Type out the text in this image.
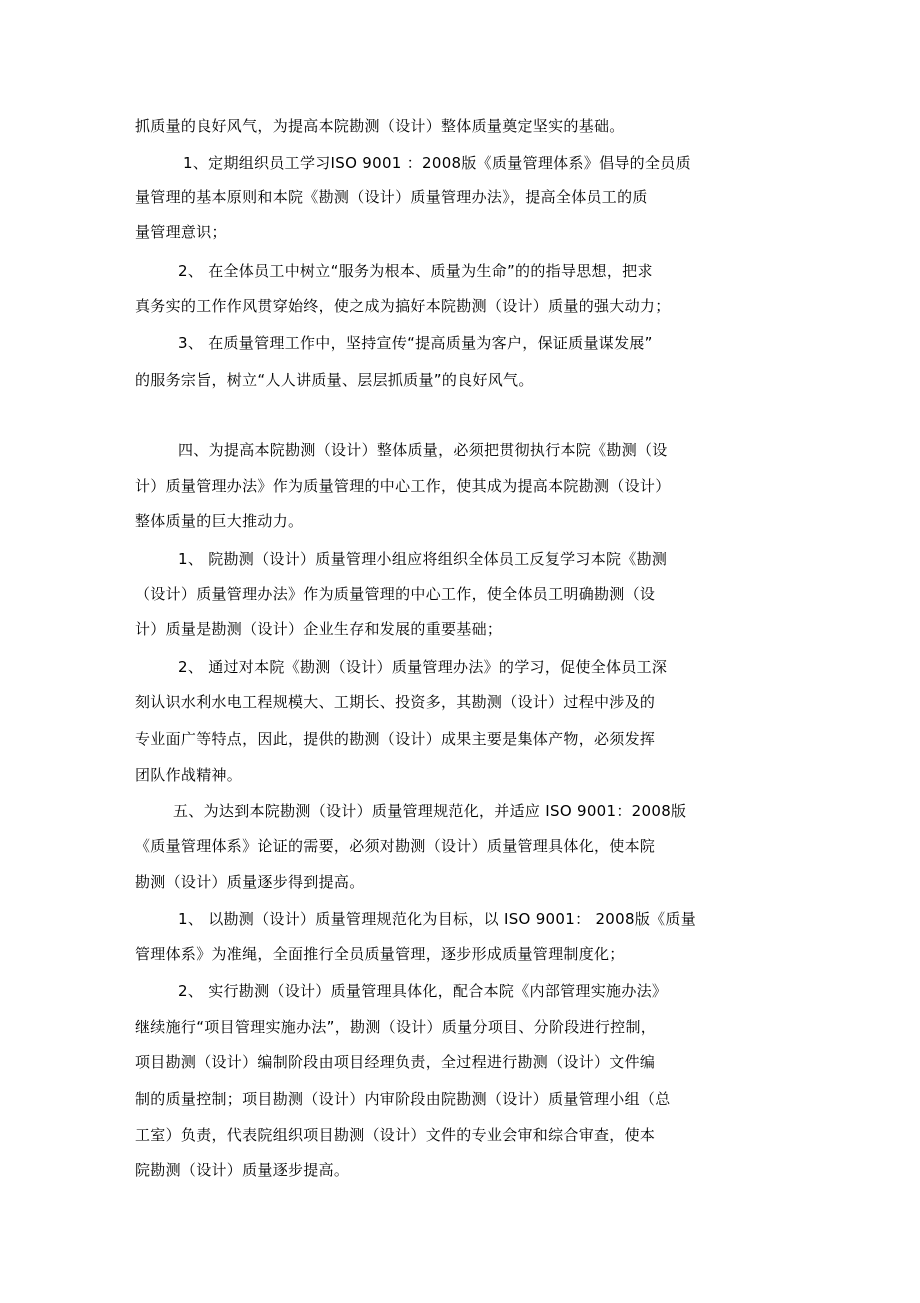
抓质量的良好风气，为提高本院勘测（设计）整体质量奠定坚实的基础。
1、定期组织员工学习ISO 9001 ：2008版《质量管理体系》倡导的全员质
量管理的基本原则和本院《勘测（设计）质量管理办法》，提高全体员工的质
量管理意识；
2、 在全体员工中树立“服务为根本、质量为生命”的的指导思想，把求
真务实的工作作风贯穿始终，使之成为搞好本院勘测（设计）质量的强大动力；
3、 在质量管理工作中，坚持宣传“提高质量为客户，保证质量谋发展”
的服务宗旨，树立“人人讲质量、层层抓质量”的良好风气。
四、为提高本院勘测（设计）整体质量，必须把贯彻执行本院《勘测（设
计）质量管理办法》作为质量管理的中心工作，使其成为提高本院勘测（设计）
整体质量的巨大推动力。
1、 院勘测（设计）质量管理小组应将组织全体员工反复学习本院《勘测
（设计）质量管理办法》作为质量管理的中心工作，使全体员工明确勘测（设
计）质量是勘测（设计）企业生存和发展的重要基础；
2、 通过对本院《勘测（设计）质量管理办法》的学习，促使全体员工深
刻认识水利水电工程规模大、工期长、投资多，其勘测（设计）过程中涉及的
专业面广等特点，因此，提供的勘测（设计）成果主要是集体产物，必须发挥
团队作战精神。
五、为达到本院勘测（设计）质量管理规范化，并适应 ISO 9001：2008版
《质量管理体系》论证的需要，必须对勘测（设计）质量管理具体化，使本院
勘测（设计）质量逐步得到提高。
1、 以勘测（设计）质量管理规范化为目标，以 ISO 9001： 2008版《质量
管理体系》为准绳，全面推行全员质量管理，逐步形成质量管理制度化；
2、 实行勘测（设计）质量管理具体化，配合本院《内部管理实施办法》
继续施行“项目管理实施办法”，勘测（设计）质量分项目、分阶段进行控制，
项目勘测（设计）编制阶段由项目经理负责，全过程进行勘测（设计）文件编
制的质量控制；项目勘测（设计）内审阶段由院勘测（设计）质量管理小组（总
工室）负责，代表院组织项目勘测（设计）文件的专业会审和综合审查，使本
院勘测（设计）质量逐步提高。
